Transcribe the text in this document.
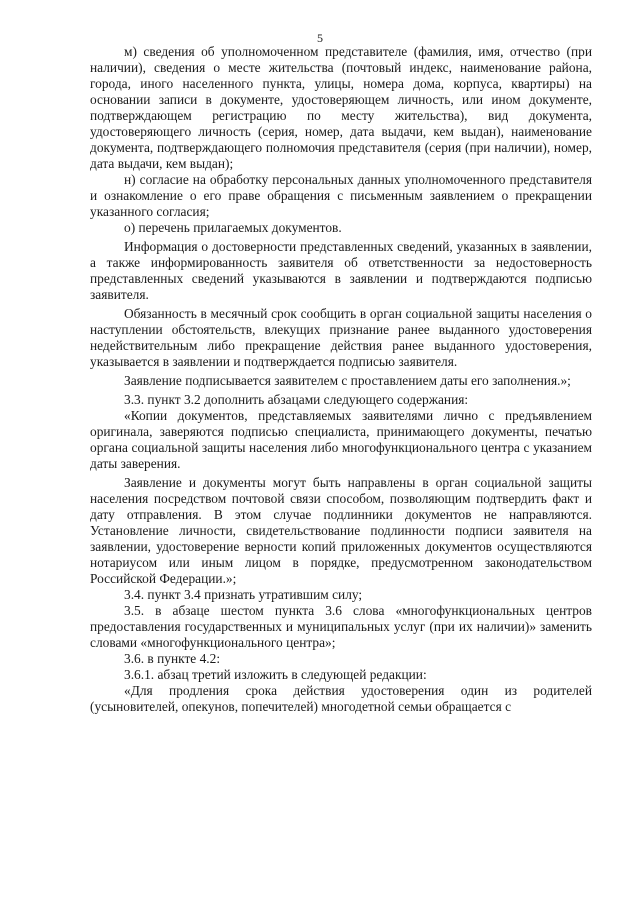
5

м) сведения об уполномоченном представителе (фамилия, имя, отчество (при наличии), сведения о месте жительства (почтовый индекс, наименование района, города, иного населенного пункта, улицы, номера дома, корпуса, квартиры) на основании записи в документе, удостоверяющем личность, или ином документе, подтверждающем регистрацию по месту жительства), вид документа, удостоверяющего личность (серия, номер, дата выдачи, кем выдан), наименование документа, подтверждающего полномочия представителя (серия (при наличии), номер, дата выдачи, кем выдан);

н) согласие на обработку персональных данных уполномоченного представителя и ознакомление о его праве обращения с письменным заявлением о прекращении указанного согласия;

о) перечень прилагаемых документов.

Информация о достоверности представленных сведений, указанных в заявлении, а также информированность заявителя об ответственности за недостоверность представленных сведений указываются в заявлении и подтверждаются подписью заявителя.

Обязанность в месячный срок сообщить в орган социальной защиты населения о наступлении обстоятельств, влекущих признание ранее выданного удостоверения недействительным либо прекращение действия ранее выданного удостоверения, указывается в заявлении и подтверждается подписью заявителя.

Заявление подписывается заявителем с проставлением даты его заполнения.»;

3.3. пункт 3.2 дополнить абзацами следующего содержания:

«Копии документов, представляемых заявителями лично с предъявлением оригинала, заверяются подписью специалиста, принимающего документы, печатью органа социальной защиты населения либо многофункционального центра с указанием даты заверения.

Заявление и документы могут быть направлены в орган социальной защиты населения посредством почтовой связи способом, позволяющим подтвердить факт и дату отправления. В этом случае подлинники документов не направляются. Установление личности, свидетельствование подлинности подписи заявителя на заявлении, удостоверение верности копий приложенных документов осуществляются нотариусом или иным лицом в порядке, предусмотренном законодательством Российской Федерации.»;

3.4. пункт 3.4 признать утратившим силу;

3.5. в абзаце шестом пункта 3.6 слова «многофункциональных центров предоставления государственных и муниципальных услуг (при их наличии)» заменить словами «многофункционального центра»;

3.6. в пункте 4.2:

3.6.1. абзац третий изложить в следующей редакции:

«Для продления срока действия удостоверения один из родителей (усыновителей, опекунов, попечителей) многодетной семьи обращается с
